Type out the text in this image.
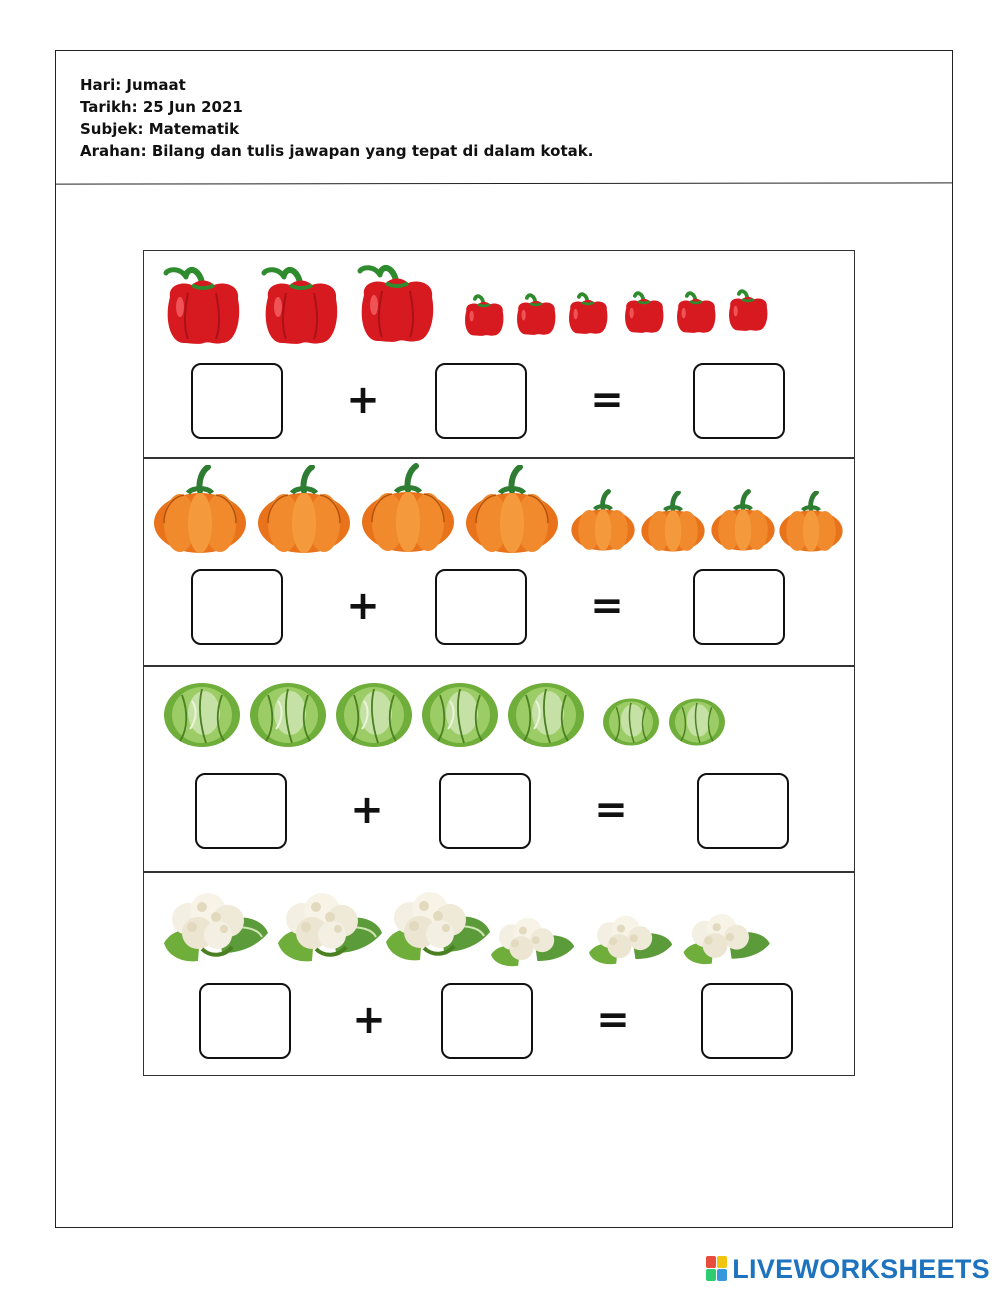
Hari: Jumaat
Tarikh: 25 Jun 2021
Subjek: Matematik
Arahan: Bilang dan tulis jawapan yang tepat di dalam kotak.
+	=
+	=
+	=
+	=
LIVEWORKSHEETS
